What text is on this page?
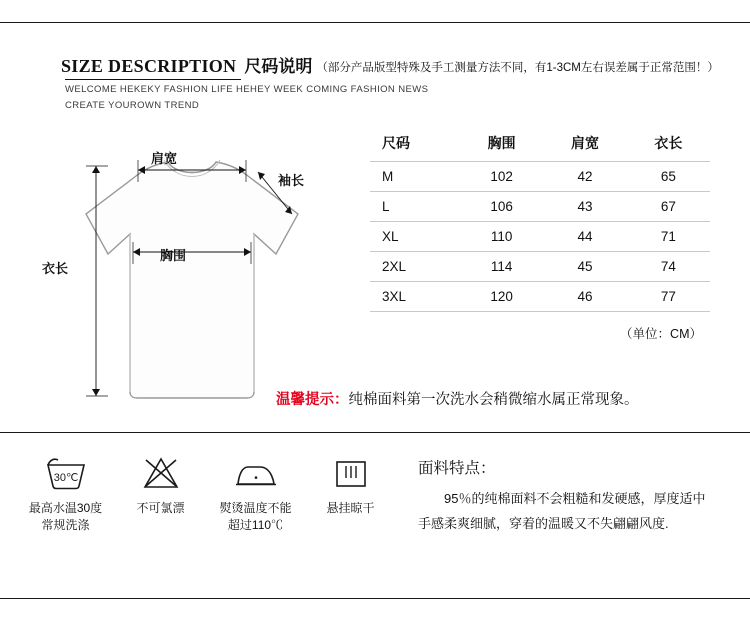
SIZE DESCRIPTION 尺码说明 （部分产品版型特殊及手工测量方法不同，有1-3CM左右误差属于正常范围！）
WELCOME HEKEKY FASHION LIFE HEHEY WEEK COMING FASHION NEWS
CREATE YOUROWN TREND
肩宽
袖长
胸围
衣长
尺码	胸围	肩宽	衣长
M	102	42	65
L	106	43	67
XL	110	44	71
2XL	114	45	74
3XL	120	46	77
（单位：CM）
温馨提示：纯棉面料第一次洗水会稍微缩水属正常现象。
30℃
最高水温30度
常规洗涤
不可氯漂
•
熨烫温度不能
超过110℃
悬挂晾干
面料特点：
95％的纯棉面料不会粗糙和发硬感，厚度适中手感柔爽细腻，穿着的温暖又不失翩翩风度.
